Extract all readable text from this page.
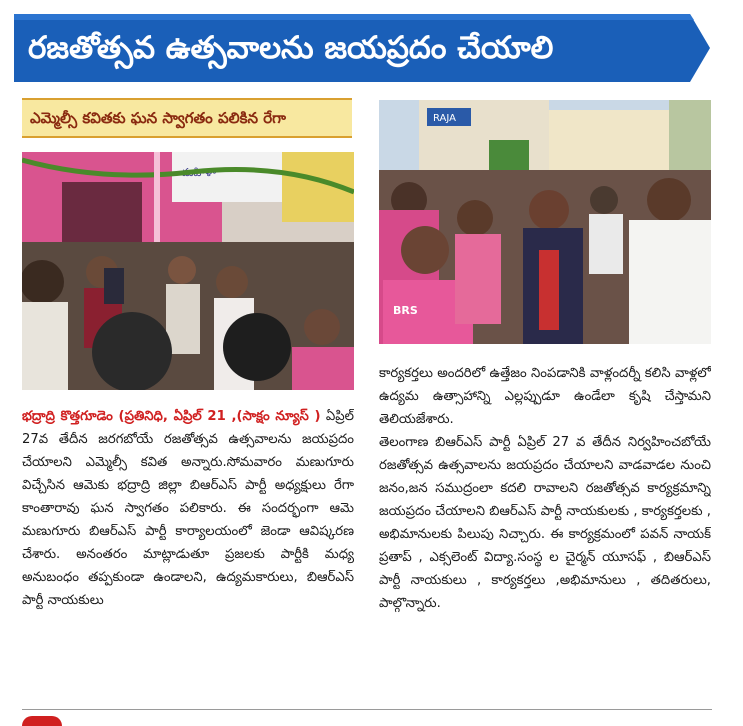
రజతోత్సవ ఉత్సవాలను జయప్రదం చేయాలి
ఎమ్మెల్సీ కవితకు ఘన స్వాగతం పలికిన రేగా
మహిళా
RAJA
BRS

భద్రాద్రి కొత్తగూడెం (ప్రతినిధి, ఏప్రిల్ 21 ,(సాక్షం న్యూస్ ) ఏప్రిల్ 27వ తేదీన జరగబోయే రజతోత్సవ ఉత్సవాలను జయప్రదం చేయాలని ఎమ్మెల్సీ కవిత అన్నారు.సోమవారం మణుగూరు విచ్చేసిన ఆమెకు భద్రాద్రి జిల్లా బిఆర్ఎస్ పార్టీ అధ్యక్షులు రేగా కాంతారావు ఘన స్వాగతం పలికారు. ఈ సందర్భంగా ఆమె మణుగూరు బిఆర్ఎస్ పార్టీ కార్యాలయంలో జెండా ఆవిష్కరణ చేశారు. అనంతరం మాట్లాడుతూ ప్రజలకు పార్టీకి మధ్య అనుబంధం తప్పకుండా ఉండాలని, ఉద్యమకారులు, బిఆర్ఎస్ పార్టీ నాయకులు

కార్యకర్తలు అందరిలో ఉత్తేజం నింపడానికి వాళ్లందర్నీ కలిసి వాళ్లలో ఉద్యమ ఉత్సాహాన్ని ఎల్లప్పుడూ ఉండేలా కృషి చేస్తామని తెలియజేశారు.

తెలంగాణ బిఆర్ఎస్ పార్టీ ఏప్రిల్ 27 వ తేదీన నిర్వహించబోయే రజతోత్సవ ఉత్సవాలను జయప్రదం చేయాలని వాడవాడల నుంచి జనం,జన సముద్రంలా కదలి రావాలని రజతోత్సవ కార్యక్రమాన్ని జయప్రదం చేయాలని బిఆర్ఎస్ పార్టీ నాయకులకు , కార్యకర్తలకు , అభిమానులకు పిలుపు నిచ్చారు. ఈ కార్యక్రమంలో పవన్ నాయక్ ప్రతాప్ , ఎక్సలెంట్ విద్యా.సంస్థ ల చైర్మన్ యూసఫ్ , బిఆర్ఎస్ పార్టీ నాయకులు , కార్యకర్తలు ,అభిమానులు , తదితరులు, పాల్గొన్నారు.
